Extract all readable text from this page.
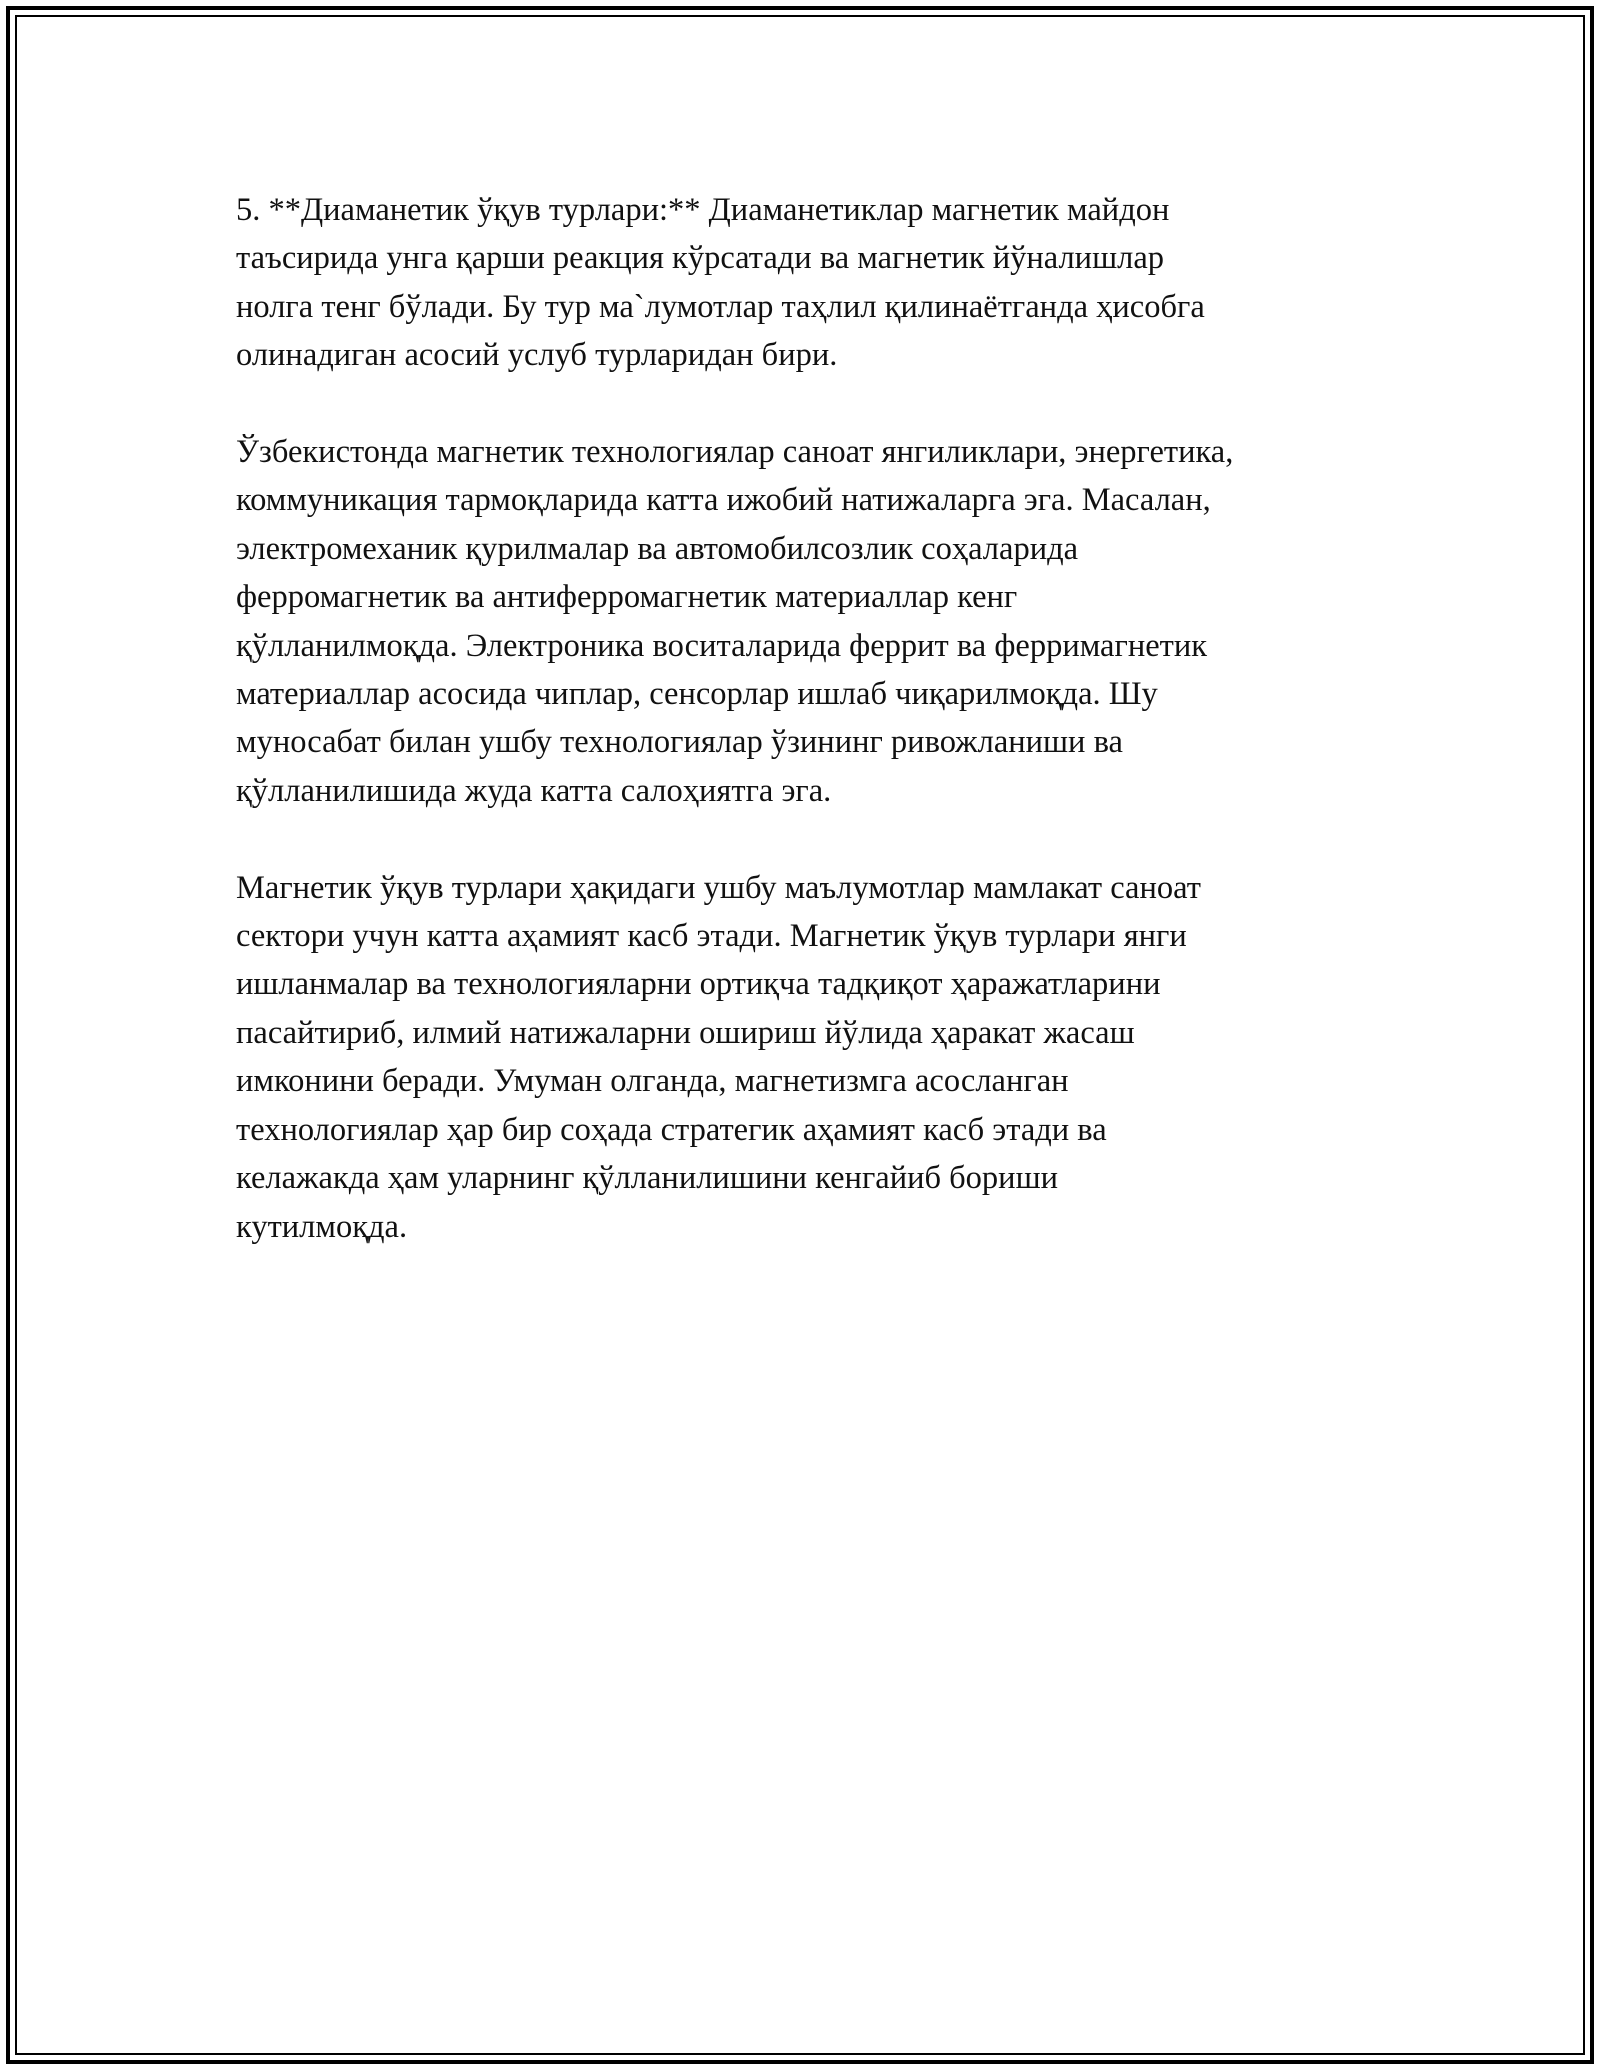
5. **Диаманетик ўқув турлари:** Диаманетиклар магнетик майдон
таъсирида унга қарши реакция кўрсатади ва магнетик йўналишлар
нолга тенг бўлади. Бу тур ма`лумотлар таҳлил қилинаётганда ҳисобга
олинадиган асосий услуб турларидан бири.

Ўзбекистонда магнетик технологиялар саноат янгиликлари, энергетика,
коммуникация тармоқларида катта ижобий натижаларга эга. Масалан,
электромеханик қурилмалар ва автомобилсозлик соҳаларида
ферромагнетик ва антиферромагнетик материаллар кенг
қўлланилмоқда. Электроника воситаларида феррит ва ферримагнетик
материаллар асосида чиплар, сенсорлар ишлаб чиқарилмоқда. Шу
муносабат билан ушбу технологиялар ўзининг ривожланиши ва
қўлланилишида жуда катта салоҳиятга эга.

Магнетик ўқув турлари ҳақидаги ушбу маълумотлар мамлакат саноат
сектори учун катта аҳамият касб этади. Магнетик ўқув турлари янги
ишланмалар ва технологияларни ортиқча тадқиқот ҳаражатларини
пасайтириб, илмий натижаларни ошириш йўлида ҳаракат жасаш
имконини беради. Умуман олганда, магнетизмга асосланган
технологиялар ҳар бир соҳада стратегик аҳамият касб этади ва
келажакда ҳам уларнинг қўлланилишини кенгайиб бориши
кутилмоқда.
